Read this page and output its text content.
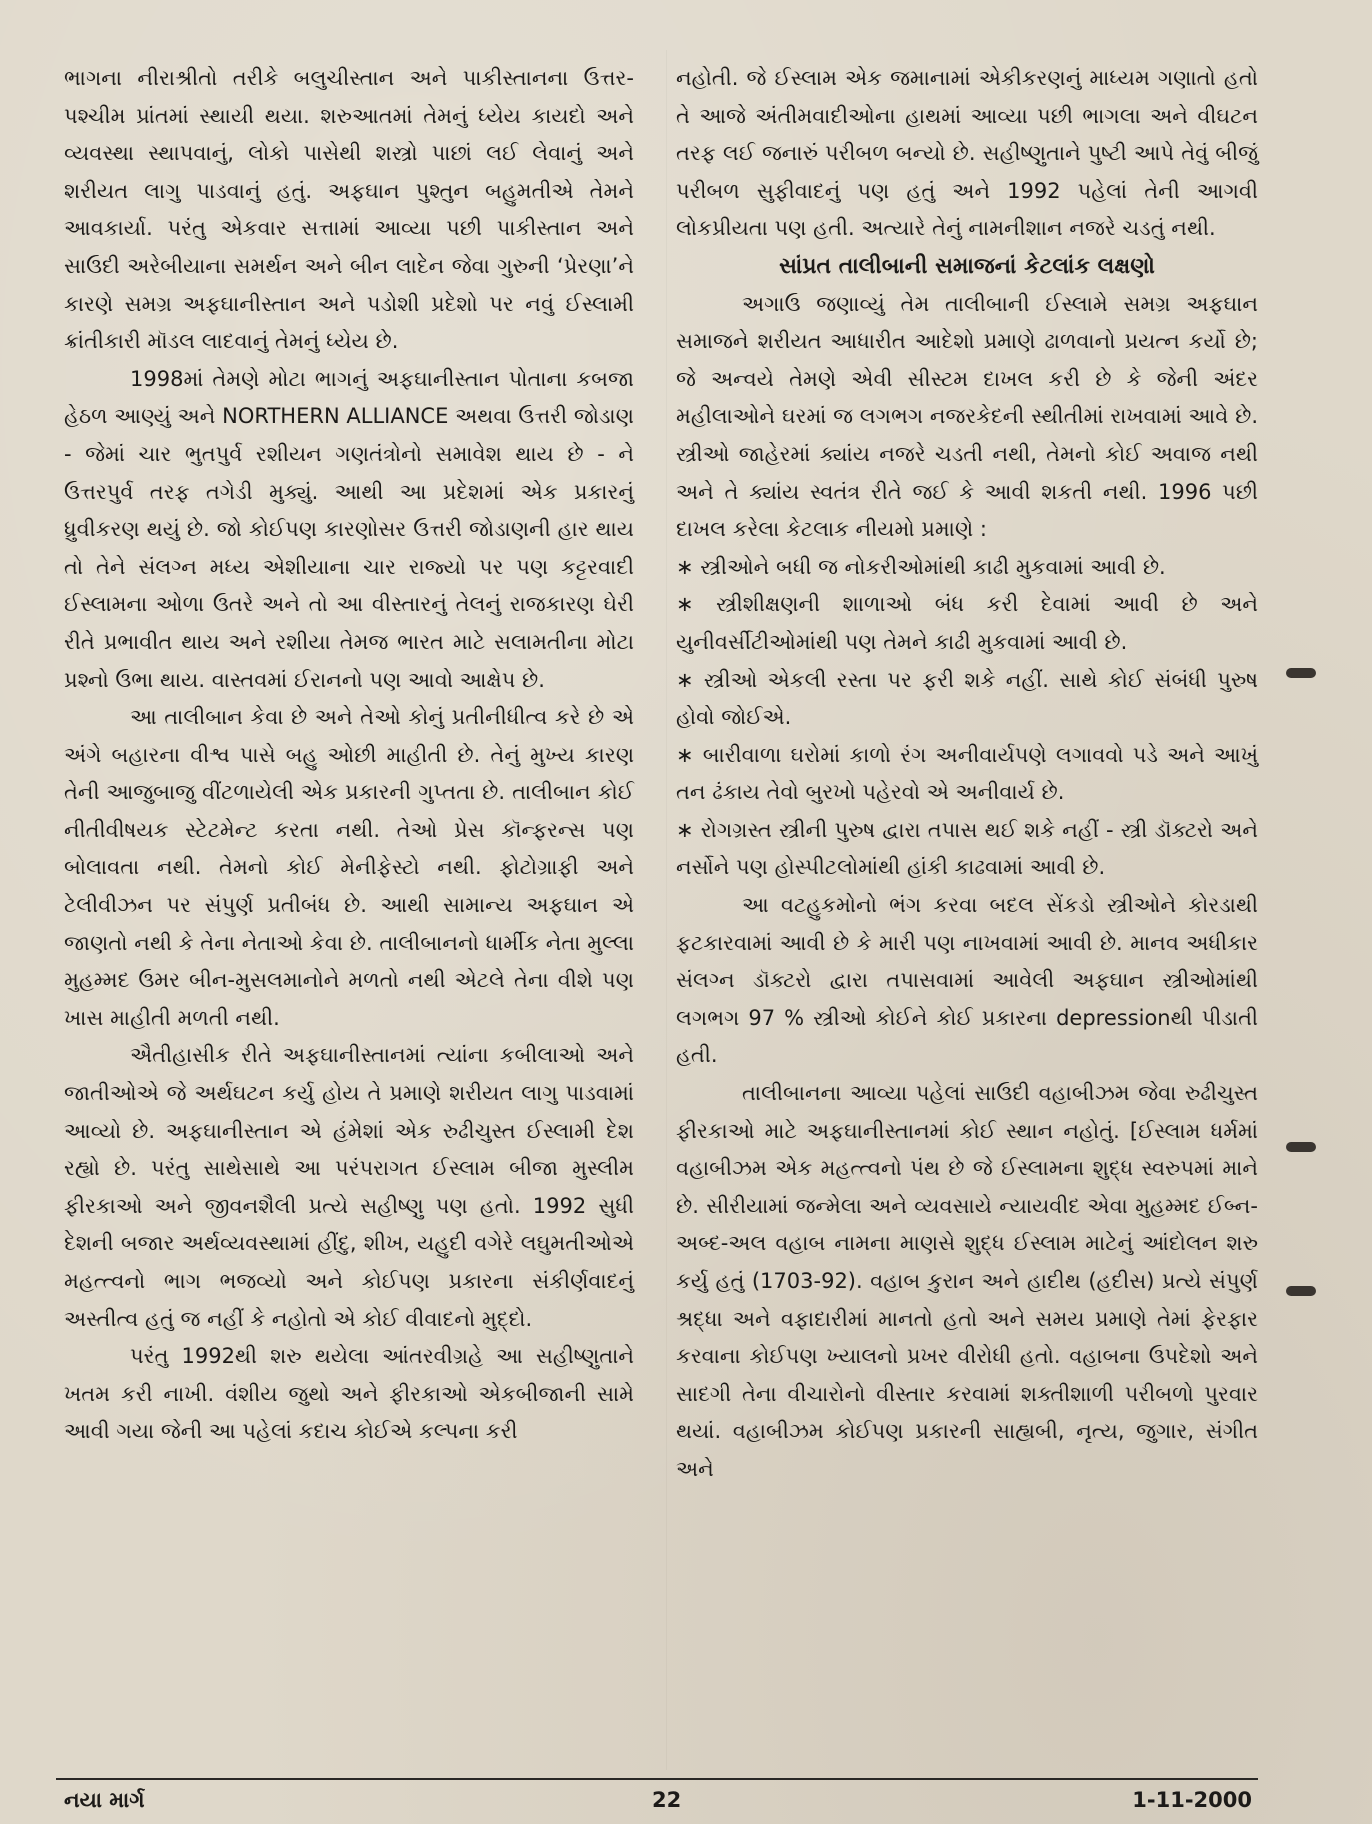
ભાગના નીરાશ્રીતો તરીકે બલુચીસ્તાન અને પાકીસ્તાનના ઉત્તર-પશ્ચીમ પ્રાંતમાં સ્થાયી થયા. શરુઆતમાં તેમનું ધ્યેય કાયદો અને વ્યવસ્થા સ્થાપવાનું, લોકો પાસેથી શસ્ત્રો પાછાં લઈ લેવાનું અને શરીયત લાગુ પાડવાનું હતું. અફઘાન પુશ્તુન બહુમતીએ તેમને આવકાર્યા. પરંતુ એકવાર સત્તામાં આવ્યા પછી પાકીસ્તાન અને સાઉદી અરેબીયાના સમર્થન અને બીન લાદેન જેવા ગુરુની ‘પ્રેરણા’ને કારણે સમગ્ર અફઘાનીસ્તાન અને પડોશી પ્રદેશો પર નવું ઈસ્લામી ક્રાંતીકારી મૉડલ લાદવાનું તેમનું ધ્યેય છે.

1998માં તેમણે મોટા ભાગનું અફઘાનીસ્તાન પોતાના કબજા હેઠળ આણ્યું અને NORTHERN ALLIANCE અથવા ઉત્તરી જોડાણ - જેમાં ચાર ભુતપુર્વ રશીયન ગણતંત્રોનો સમાવેશ થાય છે - ને ઉત્તરપુર્વ તરફ તગેડી મુક્યું. આથી આ પ્રદેશમાં એક પ્રકારનું ધ્રુવીકરણ થયું છે. જો કોઈપણ કારણોસર ઉત્તરી જોડાણની હાર થાય તો તેને સંલગ્ન મધ્ય એશીયાના ચાર રાજ્યો પર પણ કટ્ટરવાદી ઈસ્લામના ઓળા ઉતરે અને તો આ વીસ્તારનું તેલનું રાજકારણ ઘેરી રીતે પ્રભાવીત થાય અને રશીયા તેમજ ભારત માટે સલામતીના મોટા પ્રશ્નો ઉભા થાય. વાસ્તવમાં ઈરાનનો પણ આવો આક્ષેપ છે.

આ તાલીબાન કેવા છે અને તેઓ કોનું પ્રતીનીધીત્વ કરે છે એ અંગે બહારના વીશ્વ પાસે બહુ ઓછી માહીતી છે. તેનું મુખ્ય કારણ તેની આજુબાજુ વીંટળાયેલી એક પ્રકારની ગુપ્તતા છે. તાલીબાન કોઈ નીતીવીષયક સ્ટેટમેન્ટ કરતા નથી. તેઓ પ્રેસ કૉન્ફરન્સ પણ બોલાવતા નથી. તેમનો કોઈ મેનીફેસ્ટો નથી. ફોટોગ્રાફી અને ટેલીવીઝન પર સંપુર્ણ પ્રતીબંધ છે. આથી સામાન્ય અફઘાન એ જાણતો નથી કે તેના નેતાઓ કેવા છે. તાલીબાનનો ધાર્મીક નેતા મુલ્લા મુહમ્મદ ઉમર બીન-મુસલમાનોને મળતો નથી એટલે તેના વીશે પણ ખાસ માહીતી મળતી નથી.

ઐતીહાસીક રીતે અફઘાનીસ્તાનમાં ત્યાંના કબીલાઓ અને જાતીઓએ જે અર્થઘટન કર્યુ હોય તે પ્રમાણે શરીયત લાગુ પાડવામાં આવ્યો છે. અફઘાનીસ્તાન એ હંમેશાં એક રુઢીચુસ્ત ઈસ્લામી દેશ રહ્યો છે. પરંતુ સાથેસાથે આ પરંપરાગત ઈસ્લામ બીજા મુસ્લીમ ફીરકાઓ અને જીવનશૈલી પ્રત્યે સહીષ્ણુ પણ હતો. 1992 સુધી દેશની બજાર અર્થવ્યવસ્થામાં હીંદુ, શીખ, યહુદી વગેરે લઘુમતીઓએ મહત્ત્વનો ભાગ ભજવ્યો અને કોઈપણ પ્રકારના સંકીર્ણવાદનું અસ્તીત્વ હતું જ નહીં કે નહોતો એ કોઈ વીવાદનો મુદ્દો.

પરંતુ 1992થી શરુ થયેલા આંતરવીગ્રહે આ સહીષ્ણુતાને ખતમ કરી નાખી. વંશીય જુથો અને ફીરકાઓ એકબીજાની સામે આવી ગયા જેની આ પહેલાં કદાચ કોઈએ કલ્પના કરી

નહોતી. જે ઈસ્લામ એક જમાનામાં એકીકરણનું માધ્યમ ગણાતો હતો તે આજે અંતીમવાદીઓના હાથમાં આવ્યા પછી ભાગલા અને વીઘટન તરફ લઈ જનારું પરીબળ બન્યો છે. સહીષ્ણુતાને પુષ્ટી આપે તેવું બીજું પરીબળ સુફીવાદનું પણ હતું અને 1992 પહેલાં તેની આગવી લોકપ્રીયતા પણ હતી. અત્યારે તેનું નામનીશાન નજરે ચડતું નથી.

સાંપ્રત તાલીબાની સમાજનાં કેટલાંક લક્ષણો

અગાઉ જણાવ્યું તેમ તાલીબાની ઈસ્લામે સમગ્ર અફઘાન સમાજને શરીયત આધારીત આદેશો પ્રમાણે ઢાળવાનો પ્રયત્ન કર્યો છે; જે અન્વયે તેમણે એવી સીસ્ટમ દાખલ કરી છે કે જેની અંદર મહીલાઓને ઘરમાં જ લગભગ નજરકેદની સ્થીતીમાં રાખવામાં આવે છે. સ્ત્રીઓ જાહેરમાં ક્યાંય નજરે ચડતી નથી, તેમનો કોઈ અવાજ નથી અને તે ક્યાંય સ્વતંત્ર રીતે જઈ કે આવી શકતી નથી. 1996 પછી દાખલ કરેલા કેટલાક નીયમો પ્રમાણે :

∗ સ્ત્રીઓને બધી જ નોકરીઓમાંથી કાઢી મુકવામાં આવી છે.

∗ સ્ત્રીશીક્ષણની શાળાઓ બંધ કરી દેવામાં આવી છે અને યુનીવર્સીટીઓમાંથી પણ તેમને કાઢી મુકવામાં આવી છે.

∗ સ્ત્રીઓ એકલી રસ્તા પર ફરી શકે નહીં. સાથે કોઈ સંબંધી પુરુષ હોવો જોઈએ.

∗ બારીવાળા ઘરોમાં કાળો રંગ અનીવાર્યપણે લગાવવો પડે અને આખું તન ઢંકાય તેવો બુરખો પહેરવો એ અનીવાર્ય છે.

∗ રોગગ્રસ્ત સ્ત્રીની પુરુષ દ્વારા તપાસ થઈ શકે નહીં - સ્ત્રી ડૉક્ટરો અને નર્સોને પણ હોસ્પીટલોમાંથી હાંકી કાઢવામાં આવી છે.

આ વટહુકમોનો ભંગ કરવા બદલ સેંકડો સ્ત્રીઓને કોરડાથી ફટકારવામાં આવી છે કે મારી પણ નાખવામાં આવી છે. માનવ અધીકાર સંલગ્ન ડૉક્ટરો દ્વારા તપાસવામાં આવેલી અફઘાન સ્ત્રીઓમાંથી લગભગ 97 % સ્ત્રીઓ કોઈને કોઈ પ્રકારના depressionથી પીડાતી હતી.

તાલીબાનના આવ્યા પહેલાં સાઉદી વહાબીઝમ જેવા રુઢીચુસ્ત ફીરકાઓ માટે અફઘાનીસ્તાનમાં કોઈ સ્થાન નહોતું. [ઈસ્લામ ધર્મમાં વહાબીઝમ એક મહત્ત્વનો પંથ છે જે ઈસ્લામના શુદ્ધ સ્વરુપમાં માને છે. સીરીયામાં જન્મેલા અને વ્યવસાયે ન્યાયવીદ એવા મુહમ્મદ ઈબ્ન-અબ્દ-અલ વહાબ નામના માણસે શુદ્ધ ઈસ્લામ માટેનું આંદોલન શરુ કર્યુ હતું (1703-92). વહાબ કુરાન અને હાદીથ (હદીસ) પ્રત્યે સંપુર્ણ શ્રદ્ધા અને વફાદારીમાં માનતો હતો અને સમય પ્રમાણે તેમાં ફેરફાર કરવાના કોઈપણ ખ્યાલનો પ્રખર વીરોધી હતો. વહાબના ઉપદેશો અને સાદગી તેના વીચારોનો વીસ્તાર કરવામાં શક્તીશાળી પરીબળો પુરવાર થયાં. વહાબીઝમ કોઈપણ પ્રકારની સાહ્યબી, નૃત્ય, જુગાર, સંગીત અને

નયા માર્ગ	22	1-11-2000
